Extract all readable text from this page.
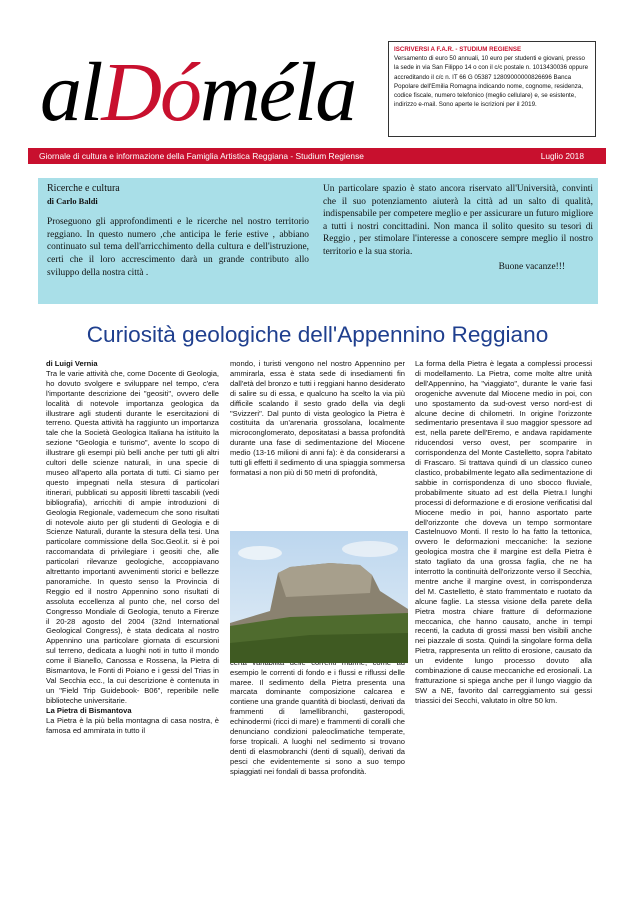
alDóméla	ISCRIVERSI A F.A.R. - STUDIUM REGIENSE
Versamento di euro 50 annuali, 10 euro per studenti e giovani, presso la sede in via San Filippo 14 o con il c/c postale n. 1013430036 oppure accreditando il c/c n. IT 66 G 05387 12809000000826696 Banca Popolare dell'Emilia Romagna indicando nome, cognome, residenza, codice fiscale, numero telefonico (meglio cellulare) e, se esistente, indirizzo e-mail. Sono aperte le iscrizioni per il 2019.
Giornale di cultura e informazione della Famiglia Artistica Reggiana - Studium Regiense	Luglio 2018
Ricerche e cultura
di Carlo Baldi

Proseguono gli approfondimenti e le ricerche nel nostro territorio reggiano. In questo numero ,che anticipa le ferie estive , abbiano continuato sul tema dell'arricchimento della cultura e dell'istruzione, certi che il loro accrescimento darà un grande contributo allo sviluppo della nostra città .

Un particolare spazio è stato ancora riservato all'Università, convinti che il suo potenziamento aiuterà la città ad un salto di qualità, indispensabile per competere meglio e per assicurare un futuro migliore a tutti i nostri concittadini. Non manca il solito quesito su tesori di Reggio , per stimolare l'interesse a conoscere sempre meglio il nostro territorio e la sua storia.
Buone vacanze!!!
Curiosità geologiche dell'Appennino Reggiano

di Luigi Vernia

Tra le varie attività che, come Docente di Geologia, ho dovuto svolgere e sviluppare nel tempo, c'era l'importante descrizione dei "geositi", ovvero delle località di notevole importanza geologica da illustrare agli studenti durante le esercitazioni di terreno. Questa attività ha raggiunto un importanza tale che la Società Geologica Italiana ha istituito la sezione "Geologia e turismo", avente lo scopo di illustrare gli esempi più belli anche per tutti gli altri cultori delle scienze naturali, in una specie di museo all'aperto alla portata di tutti. Ci siamo per questo impegnati nella stesura di particolari itinerari, pubblicati su appositi libretti tascabili (vedi bibliografia), arricchiti di ampie introduzioni di Geologia Regionale, vademecum che sono risultati di notevole aiuto per gli studenti di Geologia e di Scienze Naturali, durante la stesura della tesi. Una particolare commissione della Soc.Geol.it. si è poi raccomandata di privilegiare i geositi che, alle particolari rilevanze geologiche, accoppiavano altrettanto importanti avvenimenti storici e bellezze panoramiche. In questo senso la Provincia di Reggio ed il nostro Appennino sono risultati di assoluta eccellenza al punto che, nel corso del Congresso Mondiale di Geologia, tenuto a Firenze il 20-28 agosto del 2004 (32nd International Geological Congress), è stata dedicata al nostro Appennino una particolare giornata di escursioni sul terreno, dedicata a luoghi noti in tutto il mondo come il Bianello, Canossa e Rossena, la Pietra di Bismantova, le Fonti di Poiano e i gessi del Trias in Val Secchia ecc., la cui descrizione è contenuta in un "Field Trip Guidebook- B06", reperibile nelle biblioteche universitarie.

La Pietra di Bismantova

La Pietra è la più bella montagna di casa nostra, è famosa ed ammirata in tutto il

mondo, i turisti vengono nel nostro Appennino per ammirarla, essa è stata sede di insediamenti fin dall'età del bronzo e tutti i reggiani hanno desiderato di salire su di essa, e qualcuno ha scelto la via più difficile scalando il sesto grado della via degli "Svizzeri". Dal punto di vista geologico la Pietra è costituita da un'arenaria grossolana, localmente microconglomerato, depositatasi a bassa profondità durante una fase di sedimentazione del Miocene medio (13-16 milioni di anni fa): è da considerarsi a tutti gli effetti il sedimento di una spiaggia sommersa formatasi a non più di 50 metri di profondità,

esempio le correnti di fondo e i flussi e riflussi delle maree. Il sedimento della Pietra presenta una marcata dominante composizione calcarea e contiene una grande quantità di bioclasti, derivati da frammenti di lamellibranchi, gasteropodi, echinodermi (ricci di mare) e frammenti di coralli che denunciano condizioni paleoclimatiche temperate, forse tropicali. A luoghi nel sedimento si trovano denti di elasmobranchi (denti di squali), derivati da pesci che evidentemente si sono a suo tempo spiaggiati nei fondali di bassa profondità.

La forma della Pietra è legata a complessi processi di modellamento. La Pietra, come molte altre unità dell'Appennino, ha "viaggiato", durante le varie fasi orogeniche avvenute dal Miocene medio in poi, con uno spostamento da sud-ovest verso nord-est di alcune decine di chilometri. In origine l'orizzonte sedimentario presentava il suo maggior spessore ad est, nella parete dell'Eremo, e andava rapidamente riducendosi verso ovest, per scomparire in corrispondenza del Monte Castelletto, sopra l'abitato di Frascaro. Si trattava quindi di un classico cuneo clastico, probabilmente legato alla sedimentazione di sabbie in corrispondenza di uno sbocco fluviale, probabilmente situato ad est della Pietra.I lunghi processi di deformazione e di erosione verificatisi dal Miocene medio in poi, hanno asportato parte dell'orizzonte che doveva un tempo sormontare Castelnuovo Monti. Il resto lo ha fatto la tettonica, ovvero le deformazioni meccaniche: la sezione geologica mostra che il margine est della Pietra è stato tagliato da una grossa faglia, che ne ha interrotto la continuità dell'orizzonte verso il Secchia, mentre anche il margine ovest, in corrispondenza del M. Castelletto, è stato frammentato e ruotato da alcune faglie. La stessa visione della parete della Pietra mostra chiare fratture di deformazione meccanica, che hanno causato, anche in tempi recenti, la caduta di grossi massi ben visibili anche nei piazzale di sosta. Quindi la singolare forma della Pietra, rappresenta un relitto di erosione, causato da un evidente lungo processo dovuto alla combinazione di cause meccaniche ed erosionali. La fratturazione si spiega anche per il lungo viaggio da SW a NE, favorito dal carreggiamento sui gessi triassici dei Secchi, valutato in oltre 50 km.
